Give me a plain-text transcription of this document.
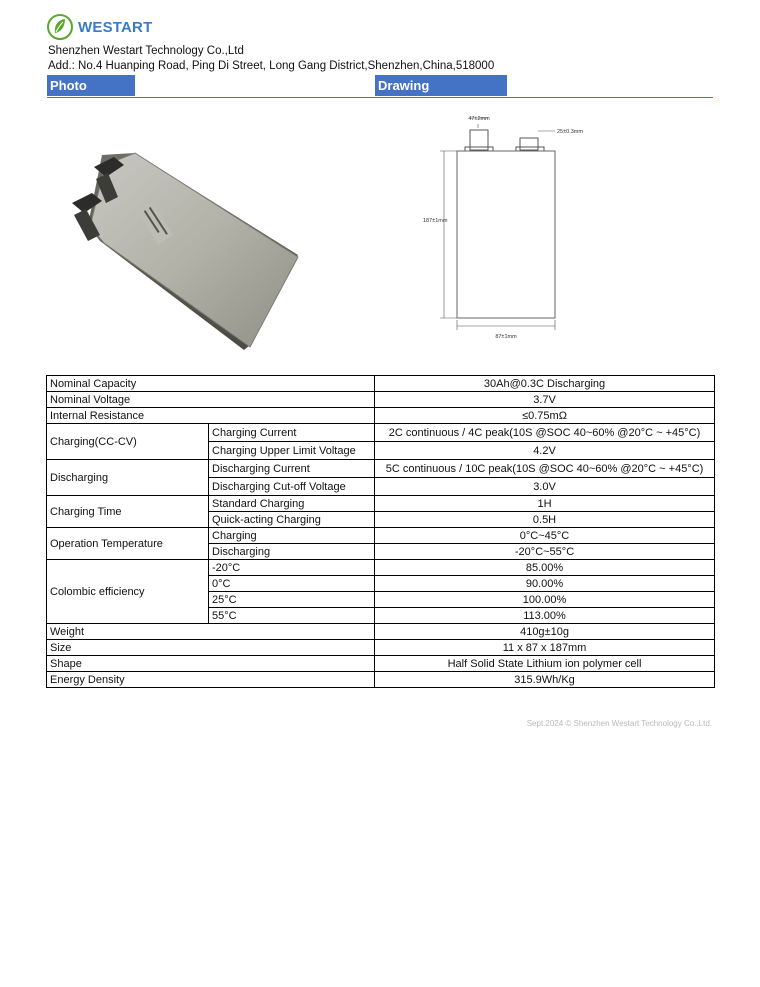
WESTART
Shenzhen Westart Technology Co.,Ltd
Add.: No.4 Huanping Road, Ping Di Street, Long Gang District,Shenzhen,China,518000
Photo	Drawing
47±2mm
25±0.3mm
187±1mm
87±1mm
Nominal Capacity		30Ah@0.3C Discharging
Nominal Voltage		3.7V
Internal Resistance		≤0.75mΩ
Charging(CC-CV)	Charging Current	2C continuous / 4C peak(10S @SOC 40~60% @20°C ~ +45°C)
	Charging Upper Limit Voltage	4.2V
Discharging	Discharging Current	5C continuous / 10C peak(10S @SOC 40~60% @20°C ~ +45°C)
	Discharging Cut-off Voltage	3.0V
Charging Time	Standard Charging	1H
	Quick-acting Charging	0.5H
Operation Temperature	Charging	0°C~45°C
	Discharging	-20°C~55°C
Colombic efficiency	-20°C	85.00%
	0°C	90.00%
	25°C	100.00%
	55°C	113.00%
Weight		410g±10g
Size		11 x 87 x 187mm
Shape		Half Solid State Lithium ion polymer cell
Energy Density		315.9Wh/Kg
Sept.2024 © Shenzhen Westart Technology Co.,Ltd.
